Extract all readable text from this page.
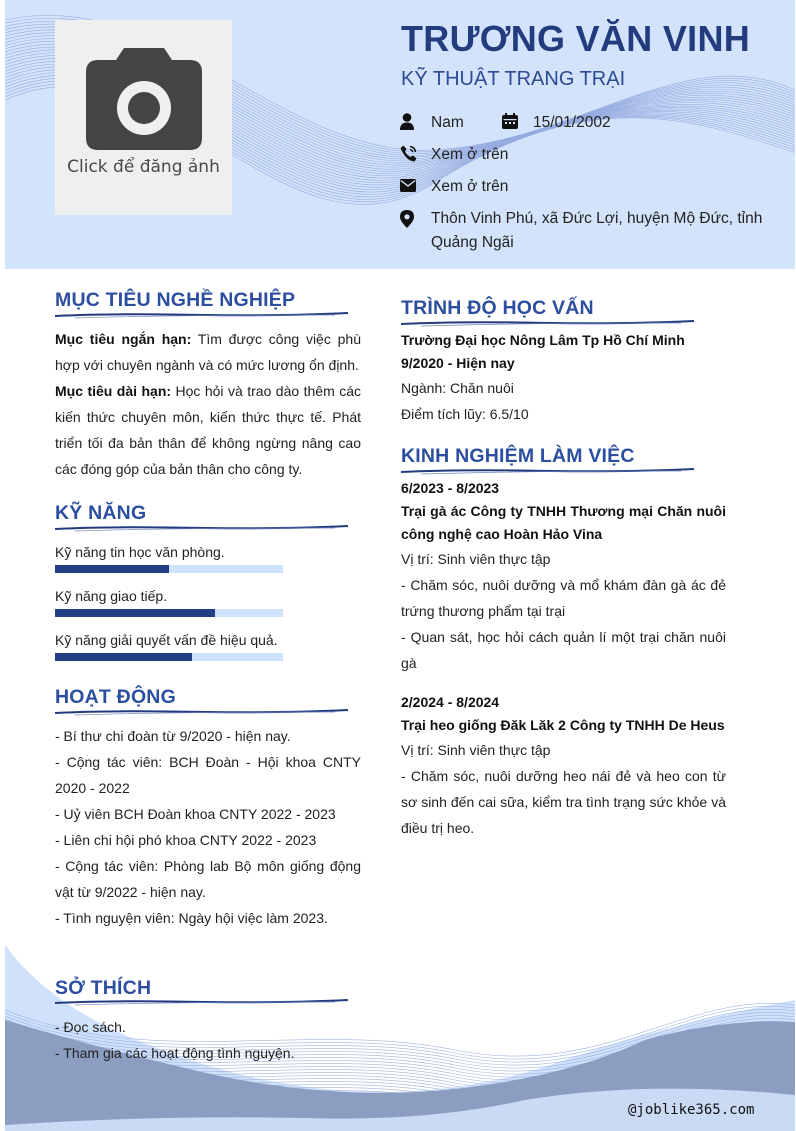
Click để đăng ảnh
TRƯƠNG VĂN VINH
KỸ THUẬT TRANG TRẠI
Nam	15/01/2002
Xem ở trên
Xem ở trên
Thôn Vinh Phú, xã Đức Lợi, huyện Mộ Đức, tỉnh Quảng Ngãi
MỤC TIÊU NGHỀ NGHIỆP

Mục tiêu ngắn hạn: Tìm được công việc phù hợp với chuyên ngành và có mức lương ổn định.

Mục tiêu dài hạn: Học hỏi và trao dào thêm các kiến thức chuyên môn, kiến thức thực tế. Phát triển tối đa bản thân để không ngừng nâng cao các đóng góp của bản thân cho công ty.

KỸ NĂNG
Kỹ năng tin học văn phòng.
Kỹ năng giao tiếp.
Kỹ năng giải quyết vấn đề hiệu quả.
HOẠT ĐỘNG

- Bí thư chi đoàn từ 9/2020 - hiện nay.

- Cộng tác viên: BCH Đoàn - Hội khoa CNTY 2020 - 2022

- Uỷ viên BCH Đoàn khoa CNTY 2022 - 2023

- Liên chi hội phó khoa CNTY 2022 - 2023

- Cộng tác viên: Phòng lab Bộ môn giống động vật từ 9/2022 - hiện nay.

- Tình nguyện viên: Ngày hội việc làm 2023.

SỞ THÍCH

- Đọc sách.

- Tham gia các hoạt động tình nguyện.

TRÌNH ĐỘ HỌC VẤN

Trường Đại học Nông Lâm Tp Hồ Chí Minh

9/2020 - Hiện nay

Ngành: Chăn nuôi

Điểm tích lũy: 6.5/10

KINH NGHIỆM LÀM VIỆC

6/2023 - 8/2023

Trại gà ác Công ty TNHH Thương mại Chăn nuôi công nghệ cao Hoàn Hảo Vina

Vị trí: Sinh viên thực tập

- Chăm sóc, nuôi dưỡng và mổ khám đàn gà ác đẻ trứng thương phẩm tại trại

- Quan sát, học hỏi cách quản lí một trại chăn nuôi gà

2/2024 - 8/2024

Trại heo giống Đăk Lăk 2 Công ty TNHH De Heus

Vị trí: Sinh viên thực tập

- Chăm sóc, nuôi dưỡng heo nái đẻ và heo con từ sơ sinh đến cai sữa, kiểm tra tình trạng sức khỏe và điều trị heo.

@joblike365.com
